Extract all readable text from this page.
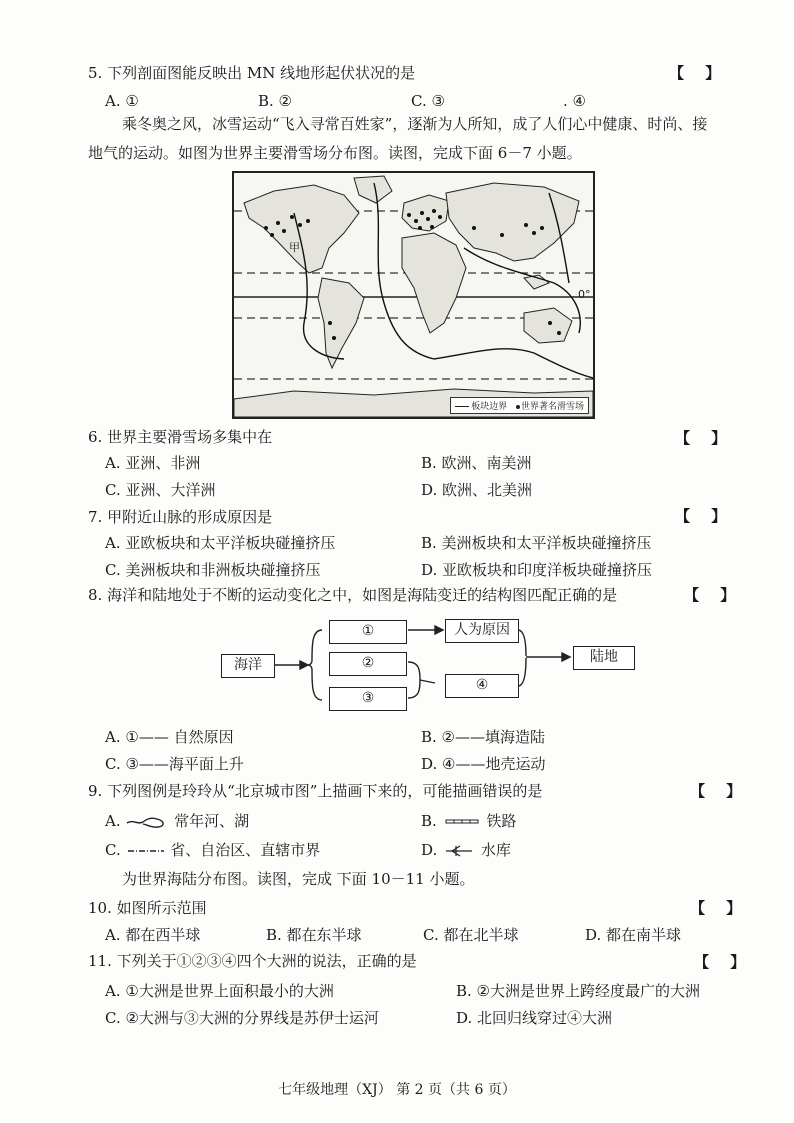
5. 下列剖面图能反映出 MN 线地形起伏状况的是	【 】
A. ①	B. ②	C. ③	. ④
乘冬奥之风，冰雪运动“飞入寻常百姓家”，逐渐为人所知，成了人们心中健康、时尚、接
地气的运动。如图为世界主要滑雪场分布图。读图，完成下面 6－7 小题。
甲
0°
板块边界 世界著名滑雪场
6. 世界主要滑雪场多集中在	【 】
A. 亚洲、非洲	B. 欧洲、南美洲
C. 亚洲、大洋洲	D. 欧洲、北美洲
7. 甲附近山脉的形成原因是	【 】
A. 亚欧板块和太平洋板块碰撞挤压	B. 美洲板块和太平洋板块碰撞挤压
C. 美洲板块和非洲板块碰撞挤压	D. 亚欧板块和印度洋板块碰撞挤压
8. 海洋和陆地处于不断的运动变化之中，如图是海陆变迁的结构图匹配正确的是	【 】
海洋
①
②
③
人为原因
④
陆地
A. ①—— 自然原因	B. ②——填海造陆
C. ③——海平面上升	D. ④——地壳运动
9. 下列图例是玲玲从“北京城市图”上描画下来的，可能描画错误的是	【 】
A.	常年河、湖	B.	铁路
C.	省、自治区、直辖市界	D.	水库
为世界海陆分布图。读图，完成 下面 10－11 小题。
10. 如图所示范围	【 】
A. 都在西半球	B. 都在东半球	C. 都在北半球	D. 都在南半球
11. 下列关于①②③④四个大洲的说法，正确的是	【 】
A. ①大洲是世界上面积最小的大洲	B. ②大洲是世界上跨经度最广的大洲
C. ②大洲与③大洲的分界线是苏伊士运河	D. 北回归线穿过④大洲
七年级地理（XJ） 第 2 页（共 6 页）
